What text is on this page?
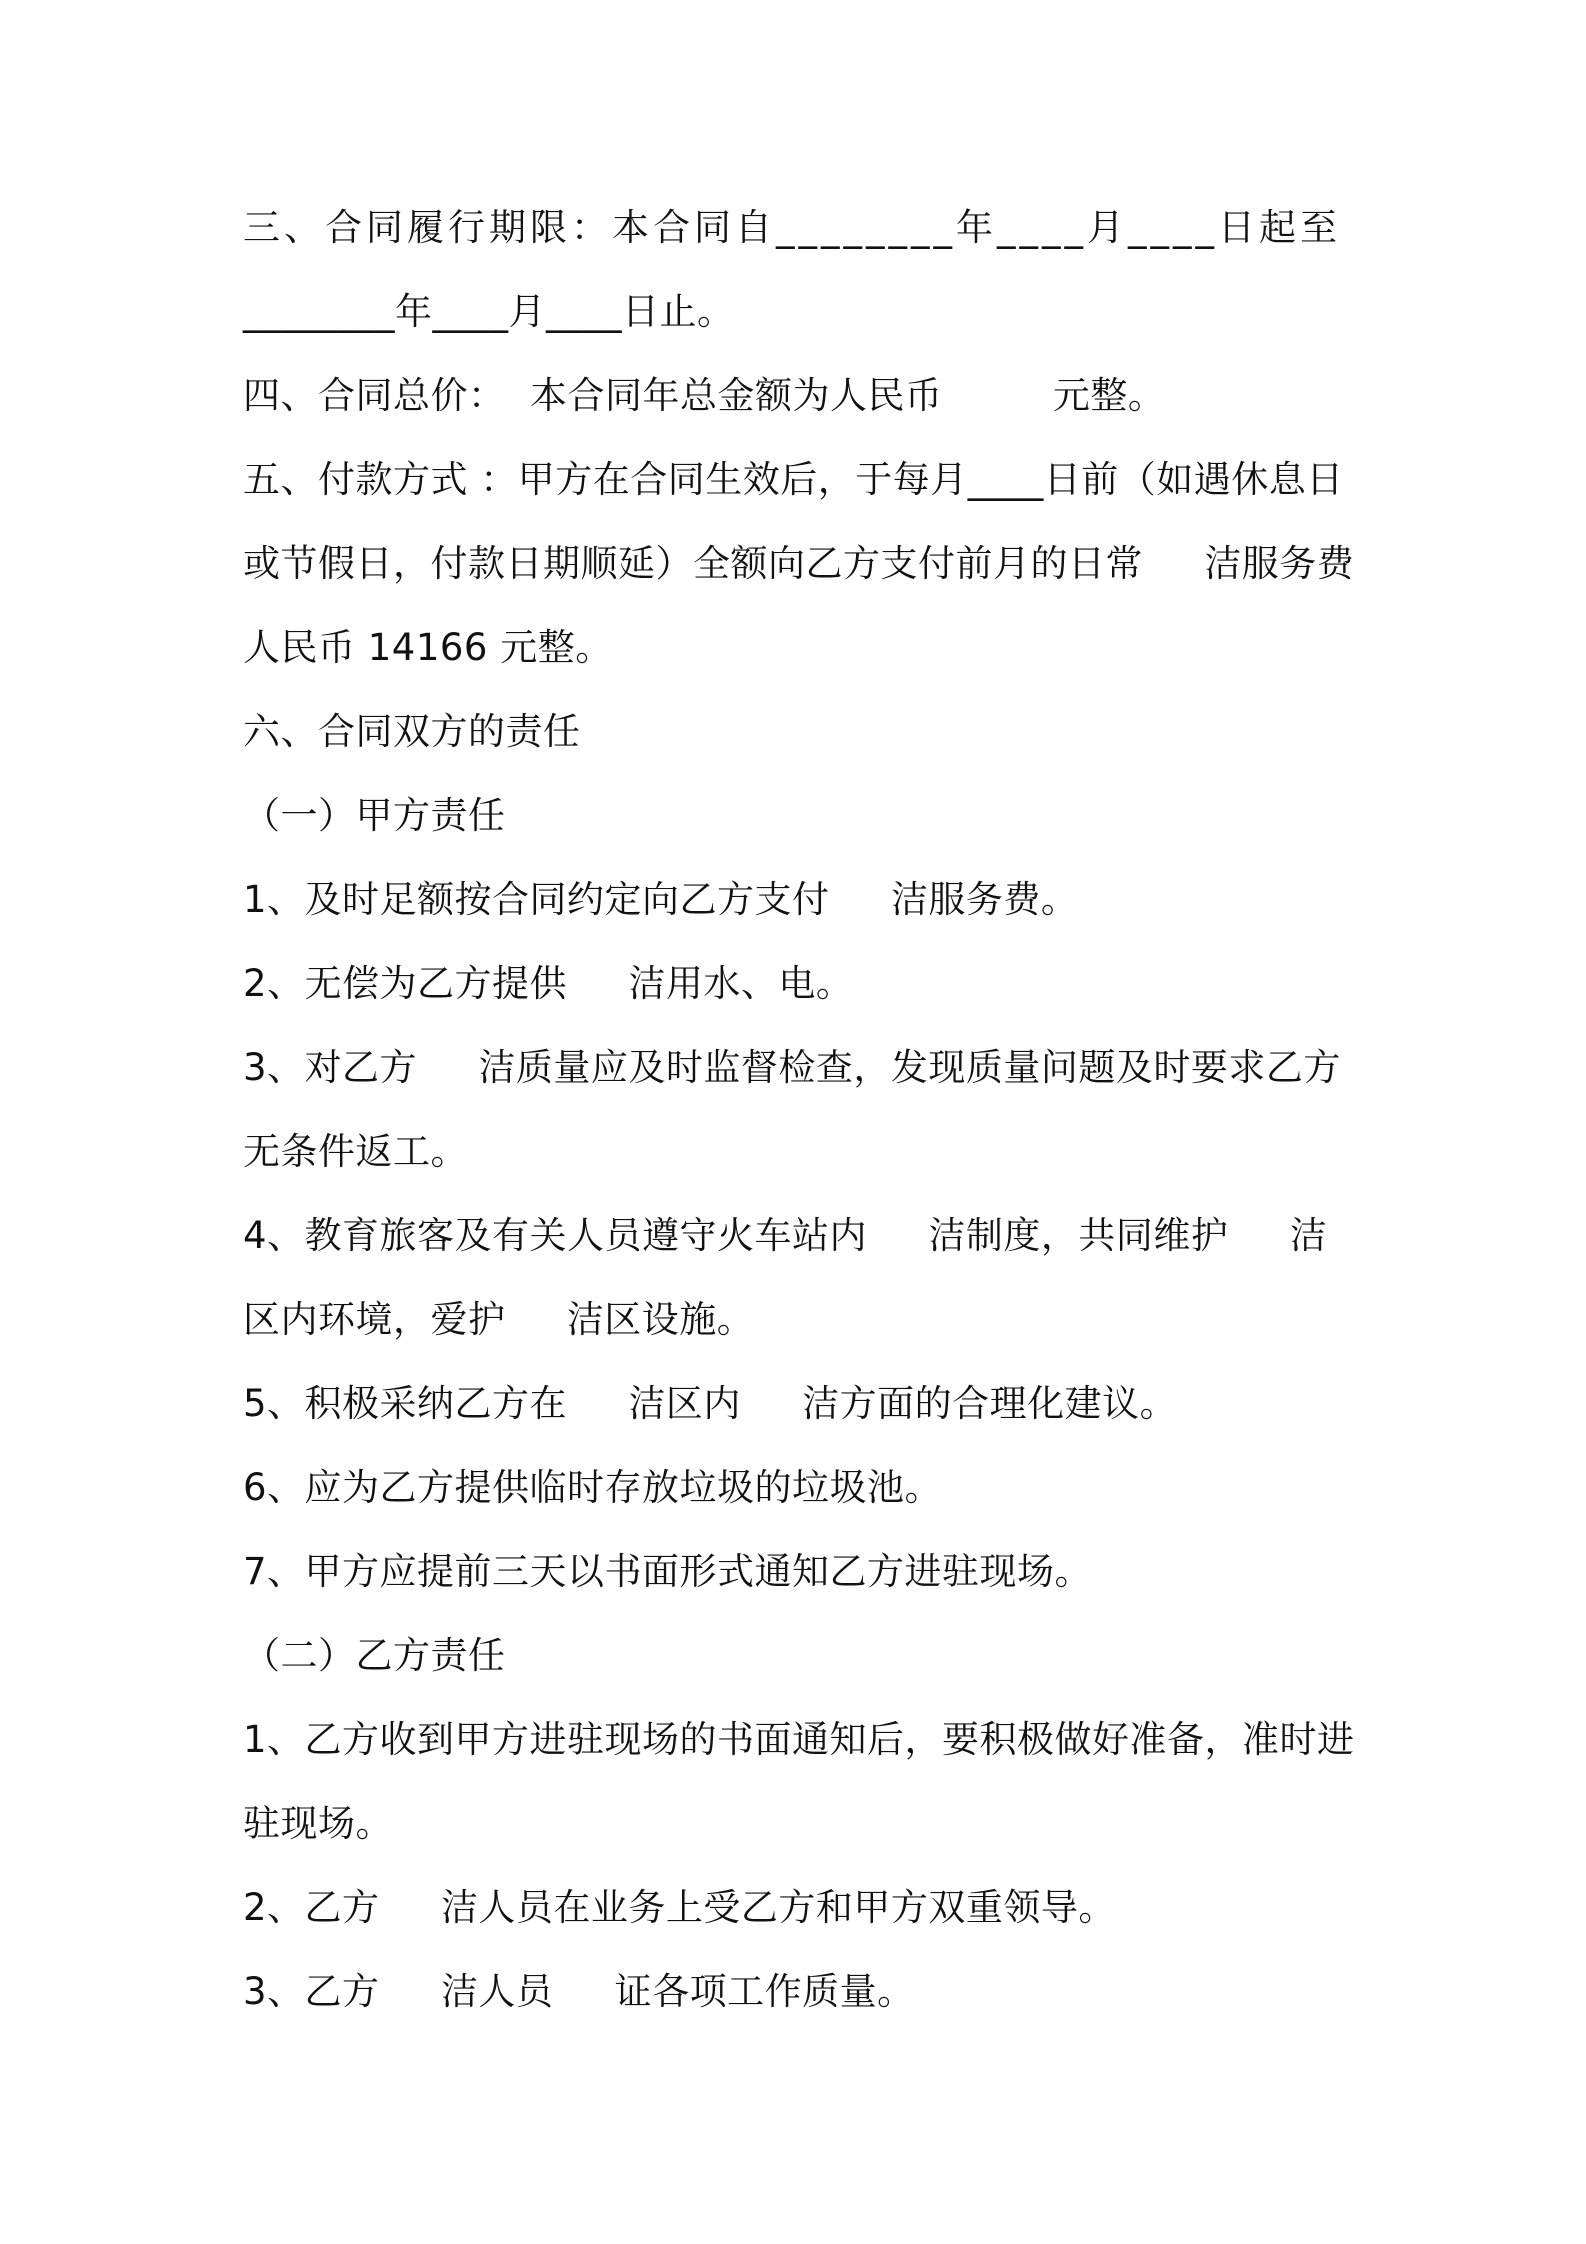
三、合同履行期限：本合同自________年____月____日起至
________年____月____日止。
四、合同总价：  本合同年总金额为人民币         元整。
五、付款方式 ：甲方在合同生效后，于每月____日前（如遇休息日
或节假日，付款日期顺延）全额向乙方支付前月的日常     洁服务费
人民币 14166 元整。
六、合同双方的责任
（一）甲方责任
1、及时足额按合同约定向乙方支付     洁服务费。
2、无偿为乙方提供     洁用水、电。
3、对乙方     洁质量应及时监督检查，发现质量问题及时要求乙方
无条件返工。
4、教育旅客及有关人员遵守火车站内     洁制度，共同维护     洁
区内环境，爱护     洁区设施。
5、积极采纳乙方在     洁区内     洁方面的合理化建议。
6、应为乙方提供临时存放垃圾的垃圾池。
7、甲方应提前三天以书面形式通知乙方进驻现场。
（二）乙方责任
1、乙方收到甲方进驻现场的书面通知后，要积极做好准备，准时进
驻现场。
2、乙方     洁人员在业务上受乙方和甲方双重领导。
3、乙方     洁人员     证各项工作质量。
